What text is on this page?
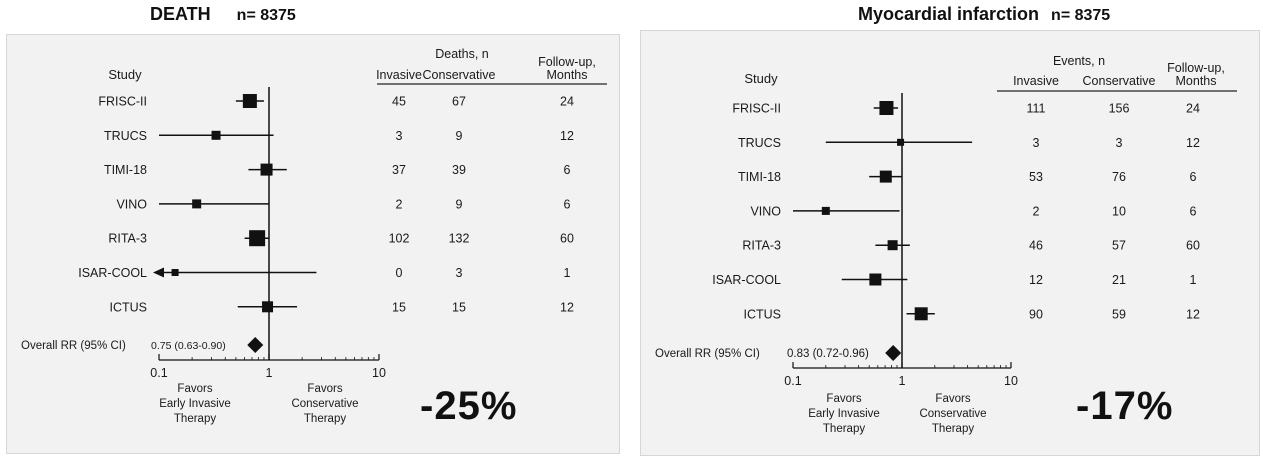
DEATH n= 8375	Myocardial infarction n= 8375
Study
Deaths, n
Invasive Conservative
Follow-up,
Months
FRISC-II	45	67	24
TRUCS	3	9	12
TIMI-18	37	39	6
VINO	2	9	6
RITA-3	102	132	60
ISAR-COOL	0	3	1
ICTUS	15	15	12
Overall RR (95% CI) 0.75 (0.63-0.90)
0.1	1	10
Favors
Early Invasive
Therapy
Favors
Conservative
Therapy
Study
Events, n
Invasive Conservative
Follow-up,
Months
FRISC-II	111	156	24
TRUCS	3	3	12
TIMI-18	53	76	6
VINO	2	10	6
RITA-3	46	57	60
ISAR-COOL	12	21	1
ICTUS	90	59	12
Overall RR (95% CI) 0.83 (0.72-0.96)
0.1	1	10
Favors
Early Invasive
Therapy
Favors
Conservative
Therapy
-25%	-17%
